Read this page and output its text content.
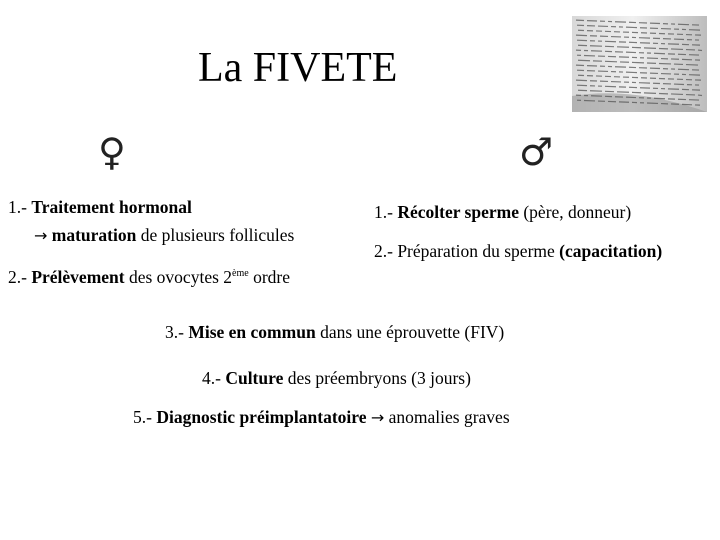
La FIVETE
♀	♂
1.- Traitement hormonal
→ maturation de plusieurs follicules
2.- Prélèvement des ovocytes 2ème ordre
1.- Récolter sperme (père, donneur)
2.- Préparation du sperme (capacitation)
3.- Mise en commun dans une éprouvette (FIV)
4.- Culture des préembryons (3 jours)
5.- Diagnostic préimplantatoire → anomalies graves
